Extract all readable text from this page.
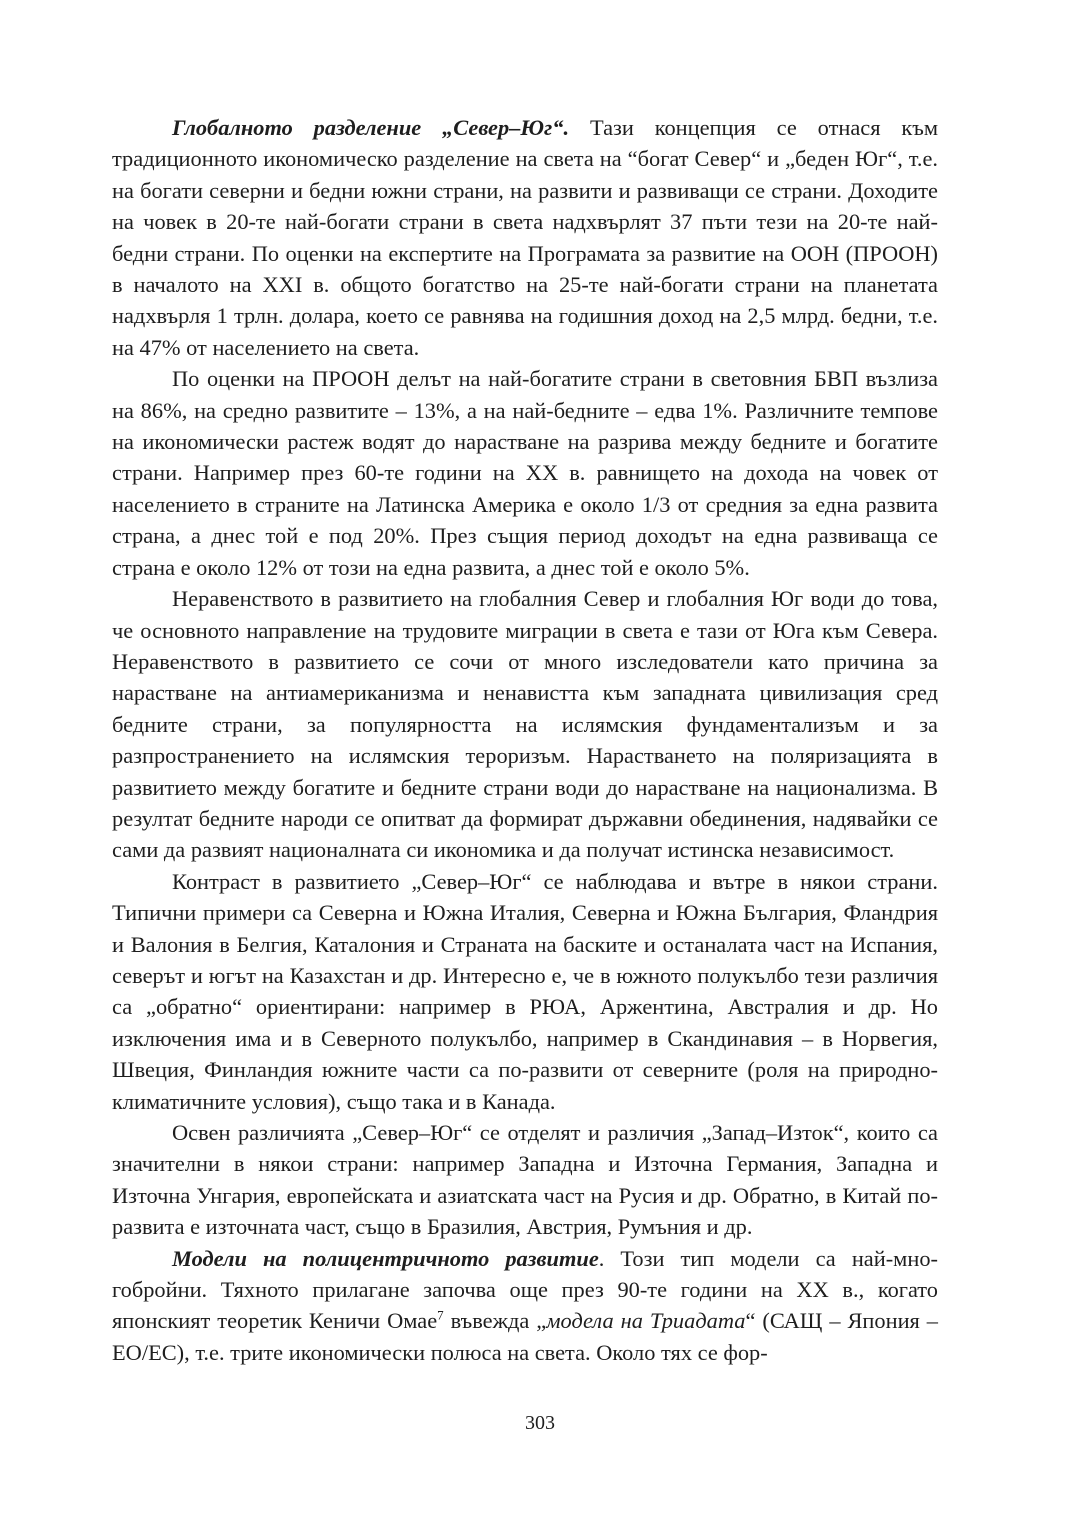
Глобалното разделение „Север–Юг“. Тази концепция се отнася към традиционното икономическо разделение на света на “богат Север“ и „беден Юг“, т.е. на богати северни и бедни южни страни, на развити и развиващи се страни. Доходите на човек в 20-те най-богати страни в света надхвърлят 37 пъти тези на 20-те най-бедни страни. По оценки на експертите на Програмата за развитие на ООН (ПРООН) в началото на ХХІ в. общото богатство на 25-те най-богати страни на планетата надхвърля 1 трлн. долара, което се равнява на годишния доход на 2,5 млрд. бедни, т.е. на 47% от населението на света.

По оценки на ПРООН делът на най-богатите страни в световния БВП възлиза на 86%, на средно развитите – 13%, а на най-бедните – едва 1%. Различните темпове на икономически растеж водят до нарастване на разрива между бедните и богатите страни. Например през 60-те години на ХХ в. равнището на дохода на човек от населението в страните на Латинска Америка е около 1/3 от средния за една развита страна, а днес той е под 20%. През същия период доходът на една развиваща се страна е около 12% от този на една развита, а днес той е около 5%.

Неравенството в развитието на глобалния Север и глобалния Юг води до това, че основното направление на трудовите миграции в света е тази от Юга към Севера. Неравенството в развитието се сочи от много изследователи като причина за нарастване на антиамериканизма и ненавистта към западната цивилизация сред бедните страни, за популярността на ислямския фундаментализъм и за разпространението на ислямския тероризъм. Нарастването на поляризацията в развитието между богатите и бедните страни води до нарастване на национализма. В резултат бедните народи се опитват да формират държавни обединения, надявайки се сами да развият националната си икономика и да получат истинска независимост.

Контраст в развитието „Север–Юг“ се наблюдава и вътре в някои страни. Типични примери са Северна и Южна Италия, Северна и Южна България, Фландрия и Валония в Белгия, Каталония и Страната на баските и останалата част на Испания, северът и югът на Казахстан и др. Интересно е, че в южното полукълбо тези различия са „обратно“ ориентирани: например в РЮА, Аржентина, Австралия и др. Но изключения има и в Северното полукълбо, например в Скандинавия – в Норвегия, Швеция, Финландия южните части са по-развити от северните (роля на природно-климатичните условия), също така и в Канада.

Освен различията „Север–Юг“ се отделят и различия „Запад–Изток“, които са значителни в някои страни: например Западна и Източна Германия, Западна и Източна Унгария, европейската и азиатската част на Русия и др. Обратно, в Китай по-развита е източната част, също в Бразилия, Австрия, Румъния и др.

Модели на полицентричното развитие. Този тип модели са най-многобройни. Тяхното прилагане започва още през 90-те години на ХХ в., когато японският теоретик Кеничи Омае$^7$ въвежда „модела на Триадата“ (САЩ – Япония – ЕО/ЕС), т.е. трите икономически полюса на света. Около тях се фор-

303
